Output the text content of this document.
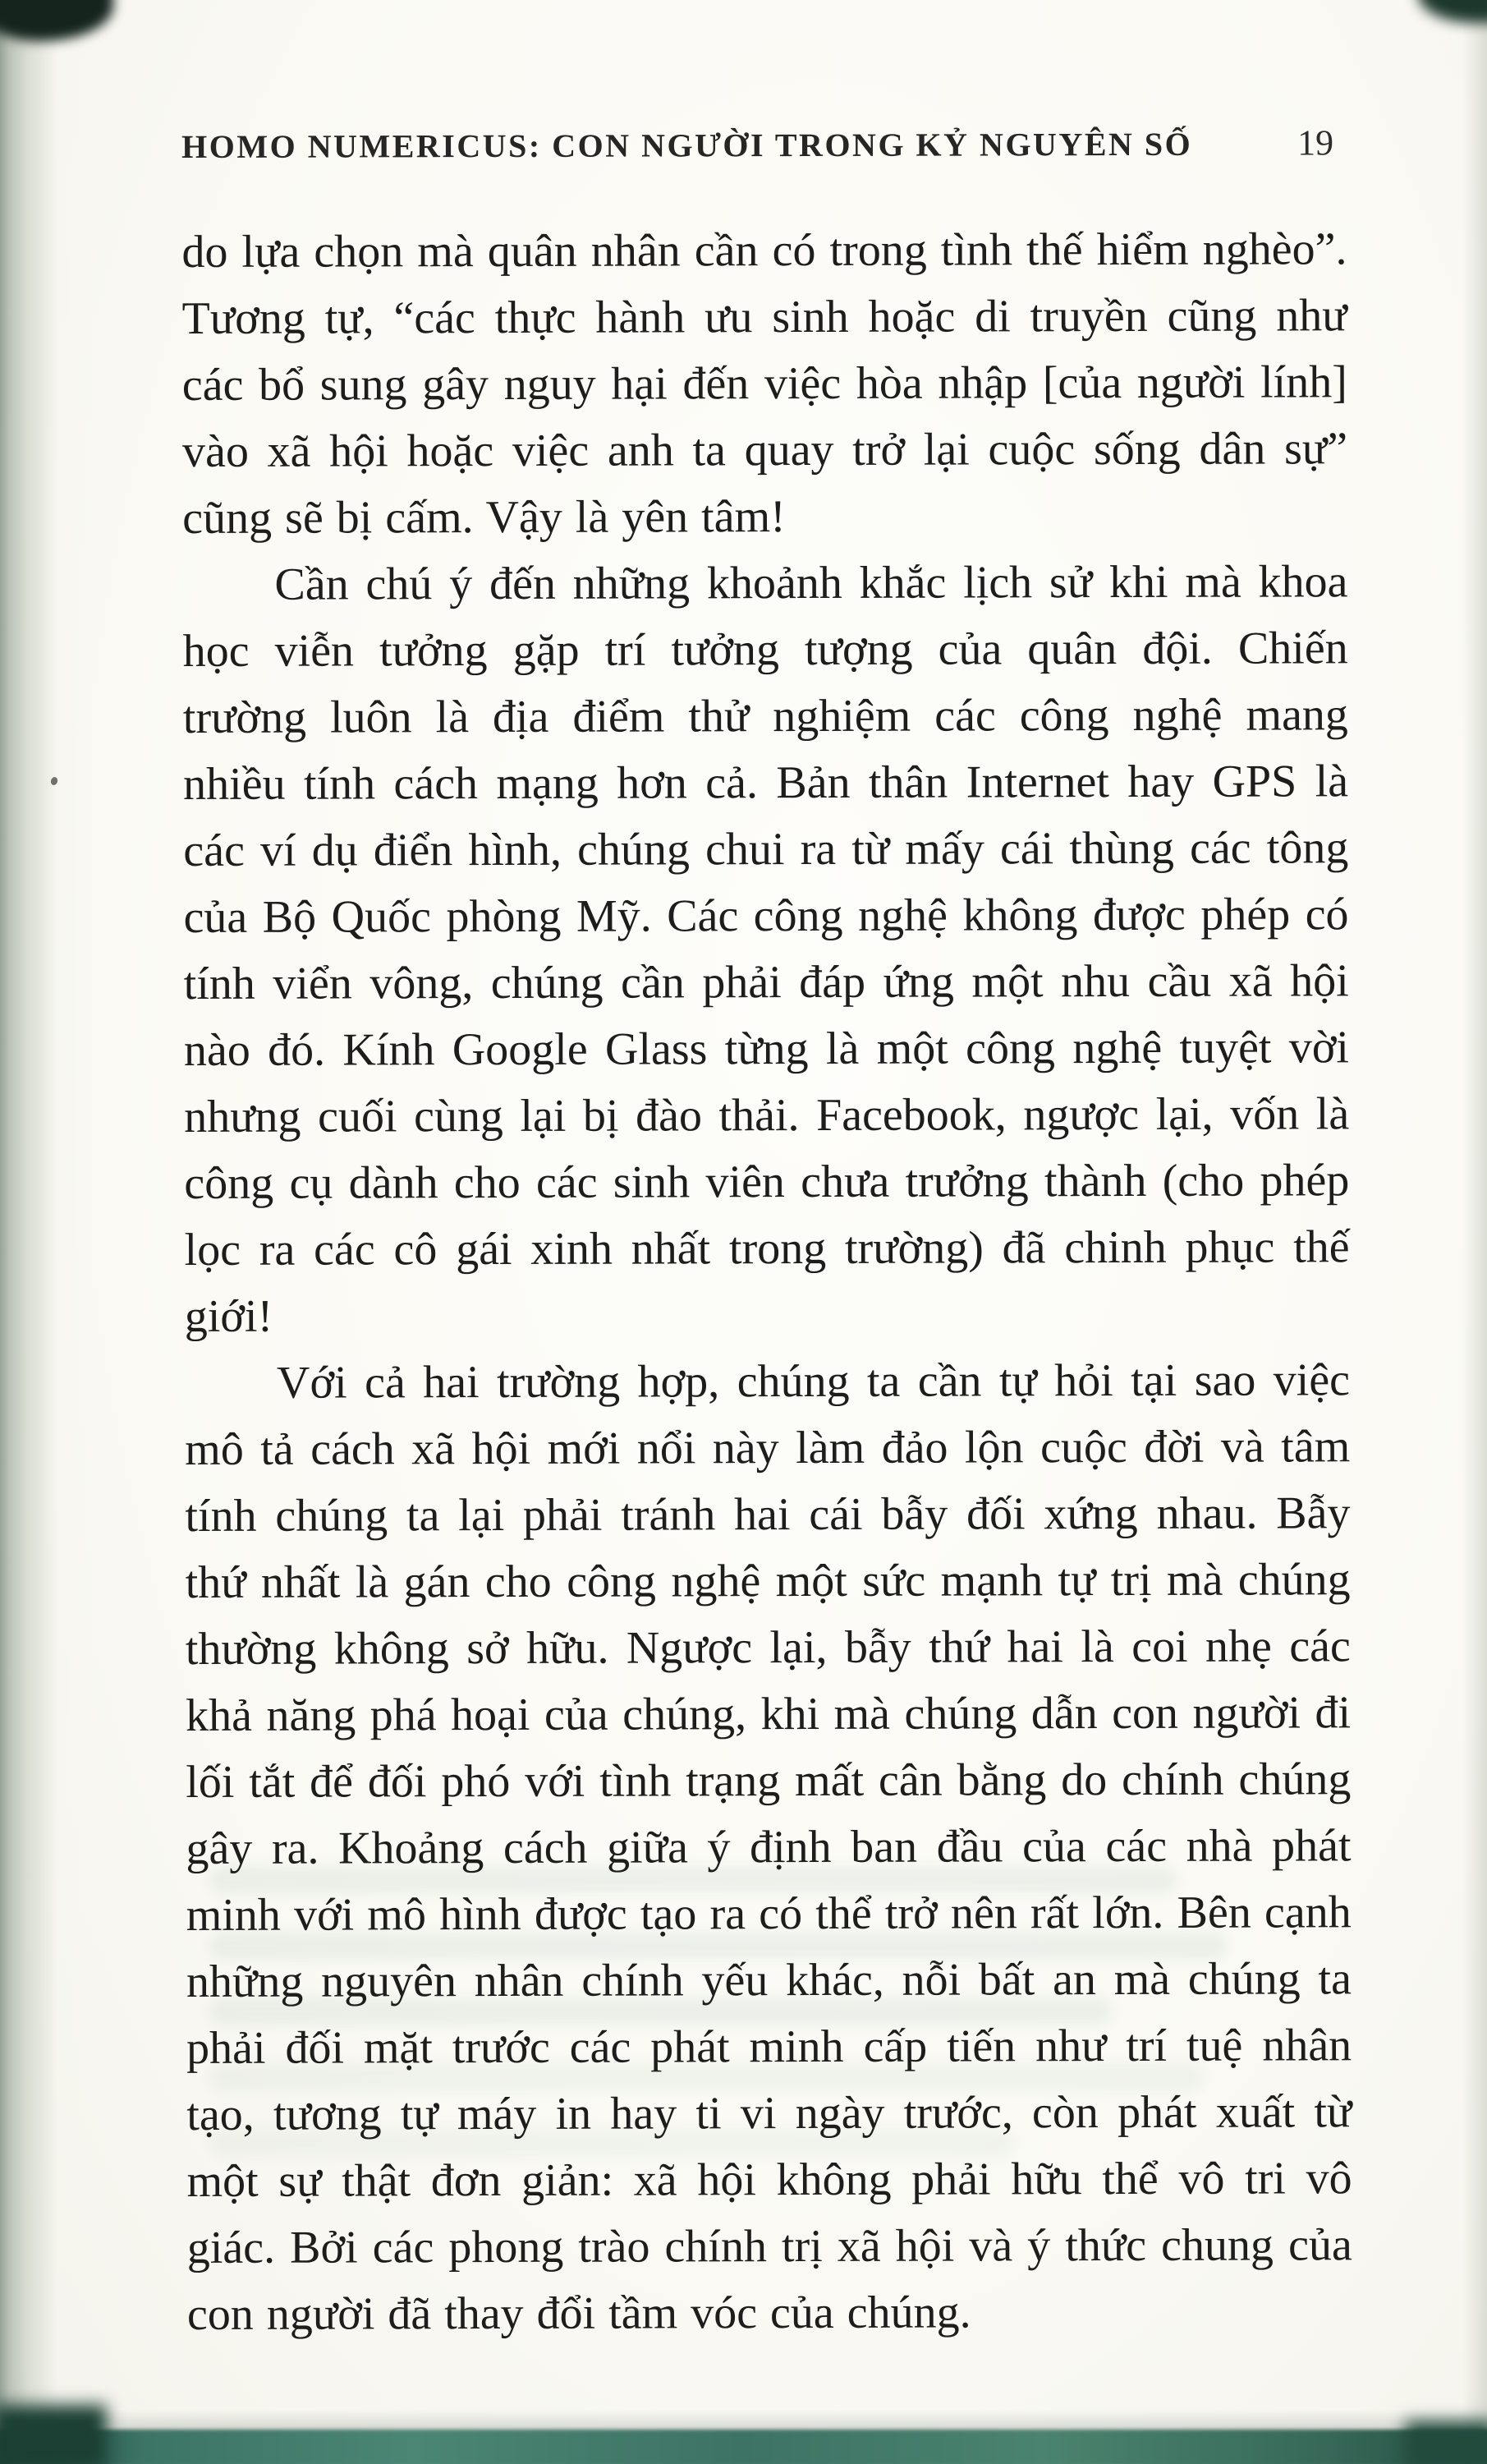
HOMO NUMERICUS: CON NGƯỜI TRONG KỶ NGUYÊN SỐ	19

do lựa chọn mà quân nhân cần có trong tình thế hiểm nghèo”. Tương tự, “các thực hành ưu sinh hoặc di truyền cũng như các bổ sung gây nguy hại đến việc hòa nhập [của người lính] vào xã hội hoặc việc anh ta quay trở lại cuộc sống dân sự” cũng sẽ bị cấm. Vậy là yên tâm!

Cần chú ý đến những khoảnh khắc lịch sử khi mà khoa học viễn tưởng gặp trí tưởng tượng của quân đội. Chiến trường luôn là địa điểm thử nghiệm các công nghệ mang nhiều tính cách mạng hơn cả. Bản thân Internet hay GPS là các ví dụ điển hình, chúng chui ra từ mấy cái thùng các tông của Bộ Quốc phòng Mỹ. Các công nghệ không được phép có tính viển vông, chúng cần phải đáp ứng một nhu cầu xã hội nào đó. Kính Google Glass từng là một công nghệ tuyệt vời nhưng cuối cùng lại bị đào thải. Facebook, ngược lại, vốn là công cụ dành cho các sinh viên chưa trưởng thành (cho phép lọc ra các cô gái xinh nhất trong trường) đã chinh phục thế giới!

Với cả hai trường hợp, chúng ta cần tự hỏi tại sao việc mô tả cách xã hội mới nổi này làm đảo lộn cuộc đời và tâm tính chúng ta lại phải tránh hai cái bẫy đối xứng nhau. Bẫy thứ nhất là gán cho công nghệ một sức mạnh tự trị mà chúng thường không sở hữu. Ngược lại, bẫy thứ hai là coi nhẹ các khả năng phá hoại của chúng, khi mà chúng dẫn con người đi lối tắt để đối phó với tình trạng mất cân bằng do chính chúng gây ra. Khoảng cách giữa ý định ban đầu của các nhà phát minh với mô hình được tạo ra có thể trở nên rất lớn. Bên cạnh những nguyên nhân chính yếu khác, nỗi bất an mà chúng ta phải đối mặt trước các phát minh cấp tiến như trí tuệ nhân tạo, tương tự máy in hay ti vi ngày trước, còn phát xuất từ một sự thật đơn giản: xã hội không phải hữu thể vô tri vô giác. Bởi các phong trào chính trị xã hội và ý thức chung của con người đã thay đổi tầm vóc của chúng.
